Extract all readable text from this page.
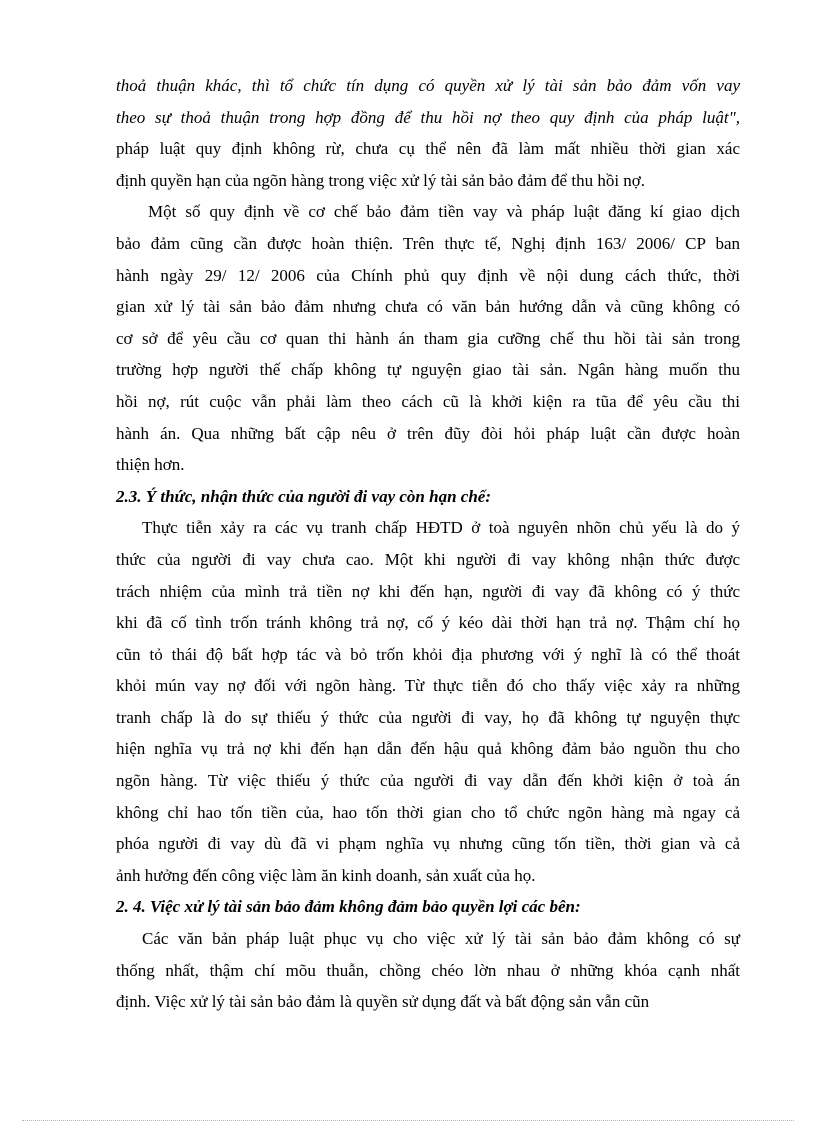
thoả thuận khác, thì tổ chức tín dụng có quyền xử lý tài sản bảo đảm vốn vay
theo sự thoả thuận trong hợp đồng để thu hồi nợ theo quy định của pháp luật",
pháp luật quy định không rừ, chưa cụ thể nên đã làm mất nhiều thời gian xác
định quyền hạn của ngõn hàng trong việc xử lý tài sản bảo đảm để thu hồi nợ.
Một số quy định về cơ chế bảo đảm tiền vay và pháp luật đăng kí giao dịch
bảo đảm cũng cần được hoàn thiện. Trên thực tế, Nghị định 163/ 2006/ CP ban
hành ngày 29/ 12/ 2006 của Chính phủ quy định về nội dung cách thức, thời
gian xử lý tài sản bảo đảm nhưng chưa có văn bản hướng dẫn và cũng không có
cơ sở để yêu cầu cơ quan thi hành án tham gia cưỡng chế thu hồi tài sản trong
trường hợp người thế chấp không tự nguyện giao tài sản. Ngân hàng muốn thu
hồi nợ, rút cuộc vẫn phải làm theo cách cũ là khởi kiện ra tũa để yêu cầu thi
hành án. Qua những bất cập nêu ở trên đũy đòi hỏi pháp luật cần được hoàn
thiện hơn.
2.3. Ý thức, nhận thức của người đi vay còn hạn chế:
Thực tiễn xảy ra các vụ tranh chấp HĐTD ở toà nguyên nhõn chủ yếu là do ý
thức của người đi vay chưa cao. Một khi người đi vay không nhận thức được
trách nhiệm của mình trả tiền nợ khi đến hạn, người đi vay đã không có ý thức
khi đã cố tình trốn tránh không trả nợ, cố ý kéo dài thời hạn trả nợ. Thậm chí họ
cũn tỏ thái độ bất hợp tác và bỏ trốn khỏi địa phương với ý nghĩ là có thể thoát
khỏi mún vay nợ đối với ngõn hàng. Từ thực tiễn đó cho thấy việc xảy ra những
tranh chấp là do sự thiếu ý thức của người đi vay, họ đã không tự nguyện thực
hiện nghĩa vụ trả nợ khi đến hạn dẫn đến hậu quả không đảm bảo nguồn thu cho
ngõn hàng. Từ việc thiếu ý thức của người đi vay dẫn đến khởi kiện ở toà án
không chỉ hao tốn tiền của, hao tốn thời gian cho tổ chức ngõn hàng mà ngay cả
phóa người đi vay dù đã vi phạm nghĩa vụ nhưng cũng tốn tiền, thời gian và cả
ảnh hưởng đến công việc làm ăn kinh doanh, sản xuất của họ.
2. 4. Việc xử lý tài sản bảo đảm không đảm bảo quyền lợi các bên:
Các văn bản pháp luật phục vụ cho việc xử lý tài sản bảo đảm không có sự
thống nhất, thậm chí mõu thuẫn, chồng chéo lờn nhau ở những khóa cạnh nhất
định. Việc xử lý tài sản bảo đảm là quyền sử dụng đất và bất động sản vẫn cũn
